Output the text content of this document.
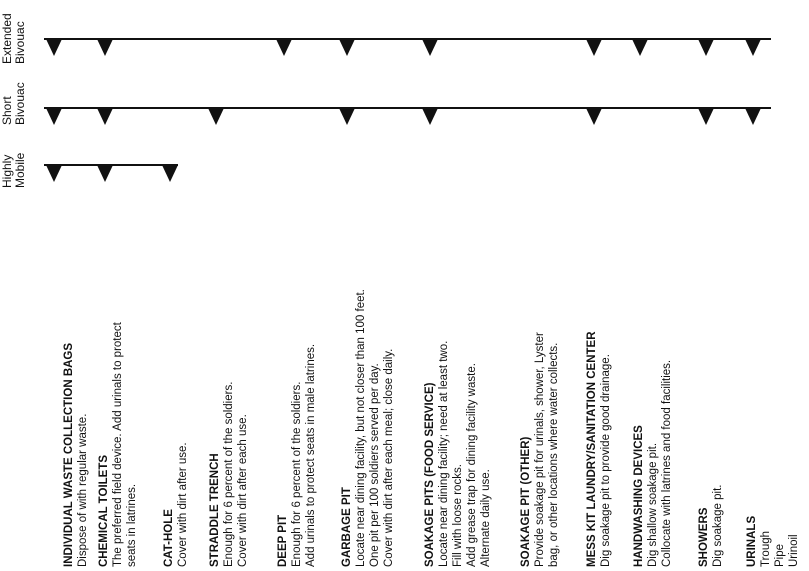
Extended Bivouac
Short Bivouac
Highly Mobile
INDIVIDUAL WASTE COLLECTION BAGS Dispose of with regular waste. CHEMICAL TOILETS The preferred field device. Add urinals to protect seats in latrines. CAT-HOLE Cover with dirt after use. STRADDLE TRENCH Enough for 6 percent of the soldiers. Cover with dirt after each use. DEEP PIT Enough for 6 percent of the soldiers. Add urinals to protect seats in male latrines. GARBAGE PIT Locate near dining facility, but not closer than 100 feet. One pit per 100 soldiers served per day. Cover with dirt after each meal; close daily.	SOAKAGE PITS (FOOD SERVICE) Locate near dining facility; need at least two. Fill with loose rocks. Add grease trap for dining facility waste. Alternate daily use. SOAKAGE PIT (OTHER) Provide soakage pit for urinals, shower, Lyster bag, or other locations where water collects. MESS KIT LAUNDRY/SANITATION CENTER Dig soakage pit to provide good drainage. HANDWASHING DEVICES Dig shallow soakage pit. Collocate with latrines and food facilities. SHOWERS Dig soakage pit. URINALS Trough Pipe Urinoil
